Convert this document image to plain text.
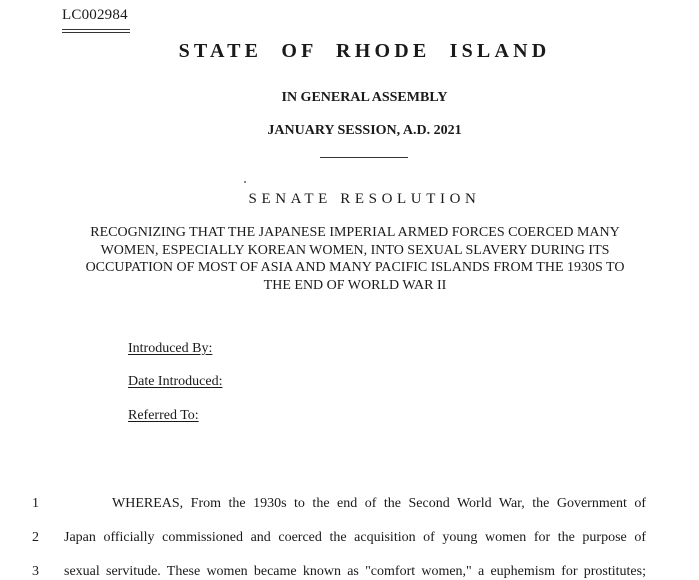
LC002984
STATE OF RHODE ISLAND
IN GENERAL ASSEMBLY
JANUARY SESSION, A.D. 2021
SENATE RESOLUTION
RECOGNIZING THAT THE JAPANESE IMPERIAL ARMED FORCES COERCED MANY
WOMEN, ESPECIALLY KOREAN WOMEN, INTO SEXUAL SLAVERY DURING ITS
OCCUPATION OF MOST OF ASIA AND MANY PACIFIC ISLANDS FROM THE 1930S TO
THE END OF WORLD WAR II
Introduced By:
Date Introduced:
Referred To:
1	WHEREAS, From the 1930s to the end of the Second World War, the Government of
2 Japan officially commissioned and coerced the acquisition of young women for the purpose of
3 sexual servitude. These women became known as "comfort women," a euphemism for prostitutes;
